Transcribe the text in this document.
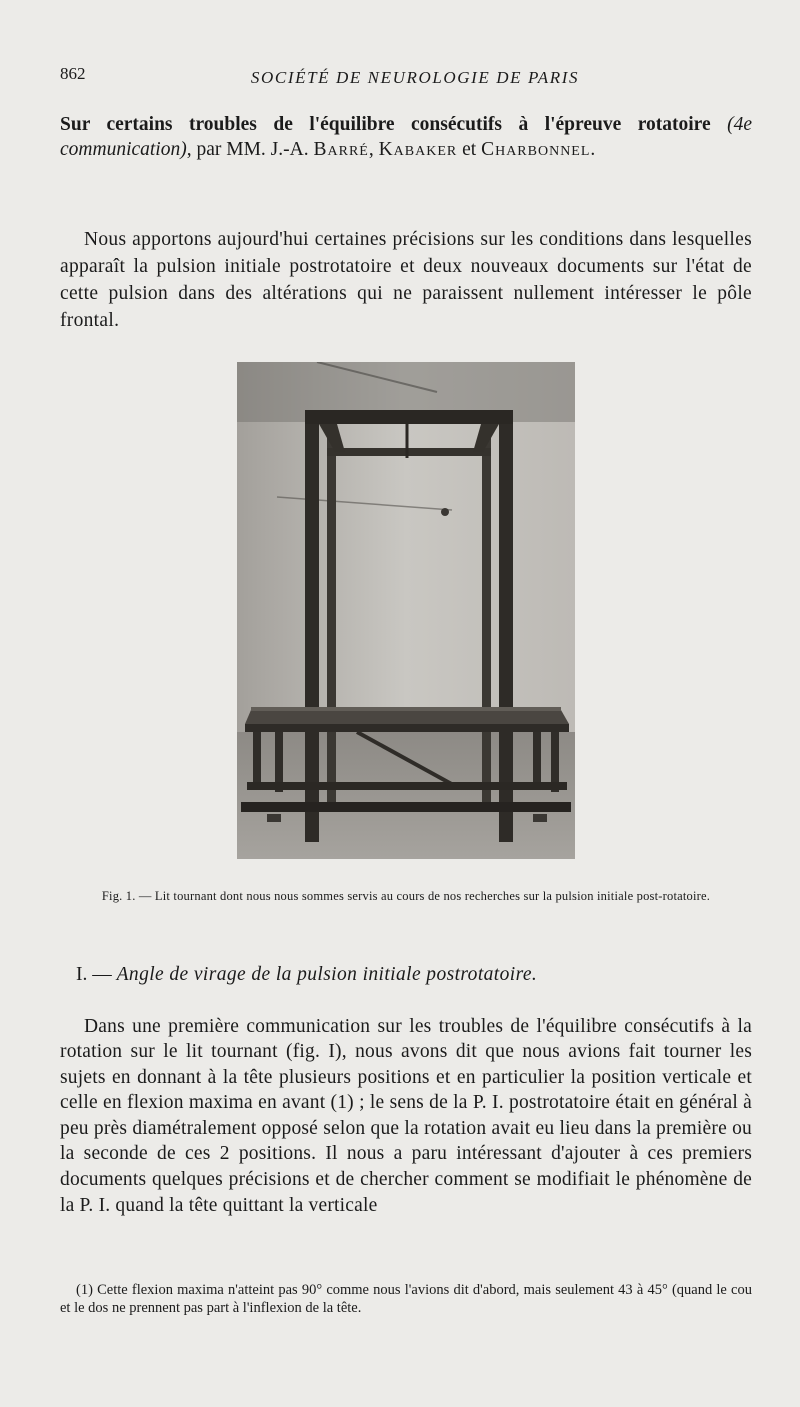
862	SOCIÉTÉ DE NEUROLOGIE DE PARIS
Sur certains troubles de l'équilibre consécutifs à l'épreuve rotatoire (4e communication), par MM. J.-A. Barré, Kabaker et Charbonnel.

Nous apportons aujourd'hui certaines précisions sur les conditions dans lesquelles apparaît la pulsion initiale postrotatoire et deux nouveaux documents sur l'état de cette pulsion dans des altérations qui ne paraissent nullement intéresser le pôle frontal.

Fig. 1. — Lit tournant dont nous nous sommes servis au cours de nos recherches sur la pulsion initiale post-rotatoire.
I. — Angle de virage de la pulsion initiale postrotatoire.

Dans une première communication sur les troubles de l'équilibre consécutifs à la rotation sur le lit tournant (fig. I), nous avons dit que nous avions fait tourner les sujets en donnant à la tête plusieurs positions et en particulier la position verticale et celle en flexion maxima en avant (1) ; le sens de la P. I. postrotatoire était en général à peu près diamétralement opposé selon que la rotation avait eu lieu dans la première ou la seconde de ces 2 positions. Il nous a paru intéressant d'ajouter à ces premiers documents quelques précisions et de chercher comment se modifiait le phénomène de la P. I. quand la tête quittant la verticale

(1) Cette flexion maxima n'atteint pas 90° comme nous l'avions dit d'abord, mais seulement 43 à 45° (quand le cou et le dos ne prennent pas part à l'inflexion de la tête.
